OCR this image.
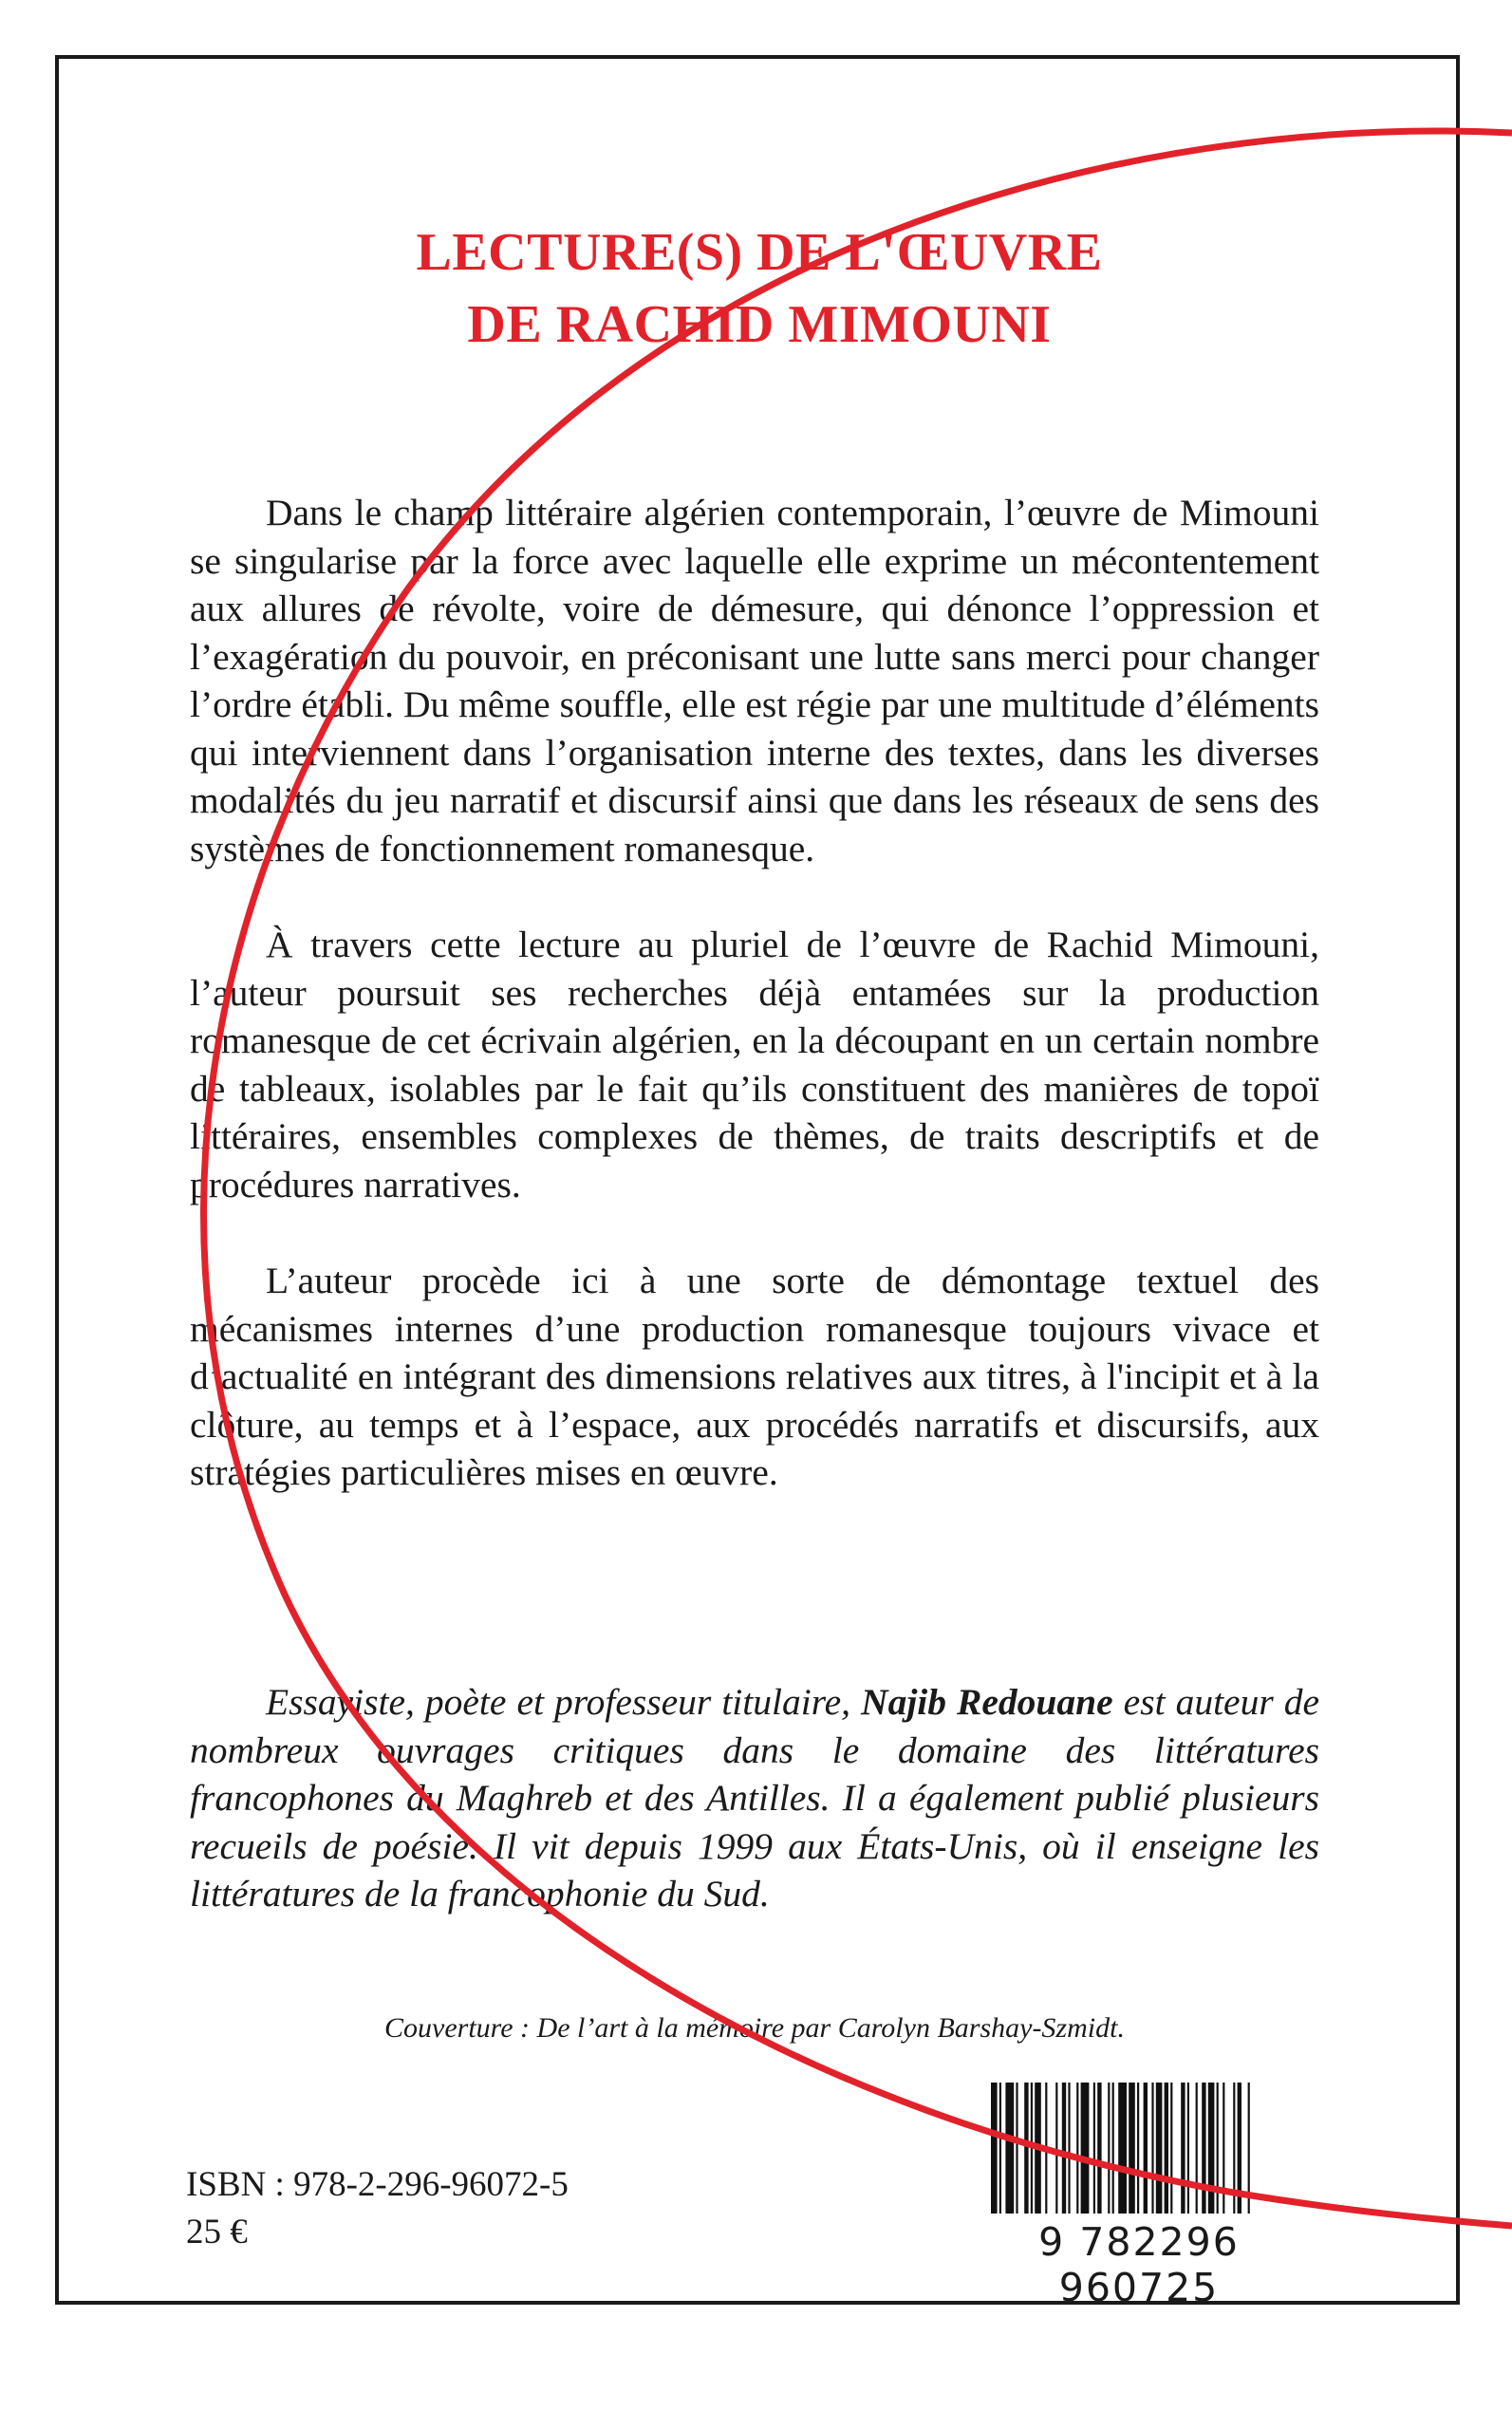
LECTURE(S) DE L'ŒUVRE
DE RACHID MIMOUNI

Dans le champ littéraire algérien contemporain, l’œuvre de Mimouni se singularise par la force avec laquelle elle exprime un mécontentement aux allures de révolte, voire de démesure, qui dénonce l’oppression et l’exagération du pouvoir, en préconisant une lutte sans merci pour changer l’ordre établi. Du même souffle, elle est régie par une multitude d’éléments qui interviennent dans l’organisation interne des textes, dans les diverses modalités du jeu narratif et discursif ainsi que dans les réseaux de sens des systèmes de fonctionnement romanesque.

À travers cette lecture au pluriel de l’œuvre de Rachid Mimouni, l’auteur poursuit ses recherches déjà entamées sur la production romanesque de cet écrivain algérien, en la découpant en un certain nombre de tableaux, isolables par le fait qu’ils constituent des manières de topoï littéraires, ensembles complexes de thèmes, de traits descriptifs et de procédures narratives.

L’auteur procède ici à une sorte de démontage textuel des mécanismes internes d’une production romanesque toujours vivace et d’actualité en intégrant des dimensions relatives aux titres, à l'incipit et à la clôture, au temps et à l’espace, aux procédés narratifs et discursifs, aux stratégies particulières mises en œuvre.

Essayiste, poète et professeur titulaire, Najib Redouane est auteur de nombreux ouvrages critiques dans le domaine des littératures francophones du Maghreb et des Antilles. Il a également publié plusieurs recueils de poésie. Il vit depuis 1999 aux États-Unis, où il enseigne les littératures de la francophonie du Sud.
Couverture : De l’art à la mémoire par Carolyn Barshay-Szmidt.
ISBN : 978-2-296-96072-5
25 €	9 782296 960725
